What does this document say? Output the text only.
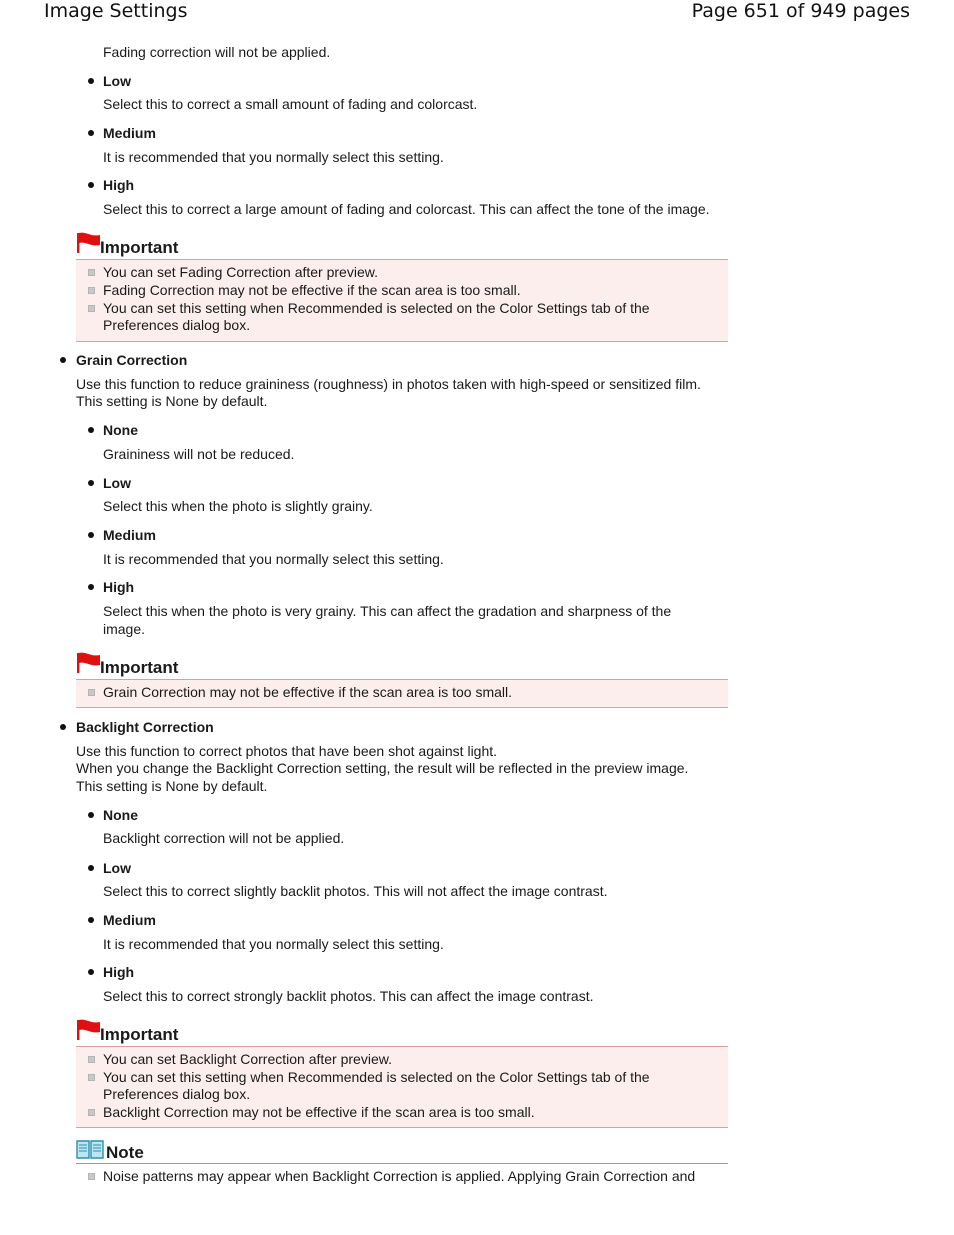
Image Settings	Page 651 of 949 pages
Fading correction will not be applied.
Low
Select this to correct a small amount of fading and colorcast.
Medium
It is recommended that you normally select this setting.
High
Select this to correct a large amount of fading and colorcast. This can affect the tone of the image.
Important
You can set Fading Correction after preview.
Fading Correction may not be effective if the scan area is too small.
You can set this setting when Recommended is selected on the Color Settings tab of the
Preferences dialog box.
Grain Correction
Use this function to reduce graininess (roughness) in photos taken with high-speed or sensitized film.
This setting is None by default.
None
Graininess will not be reduced.
Low
Select this when the photo is slightly grainy.
Medium
It is recommended that you normally select this setting.
High
Select this when the photo is very grainy. This can affect the gradation and sharpness of the
image.
Important
Grain Correction may not be effective if the scan area is too small.
Backlight Correction
Use this function to correct photos that have been shot against light.
When you change the Backlight Correction setting, the result will be reflected in the preview image.
This setting is None by default.
None
Backlight correction will not be applied.
Low
Select this to correct slightly backlit photos. This will not affect the image contrast.
Medium
It is recommended that you normally select this setting.
High
Select this to correct strongly backlit photos. This can affect the image contrast.
Important
You can set Backlight Correction after preview.
You can set this setting when Recommended is selected on the Color Settings tab of the
Preferences dialog box.
Backlight Correction may not be effective if the scan area is too small.
Note
Noise patterns may appear when Backlight Correction is applied. Applying Grain Correction and
